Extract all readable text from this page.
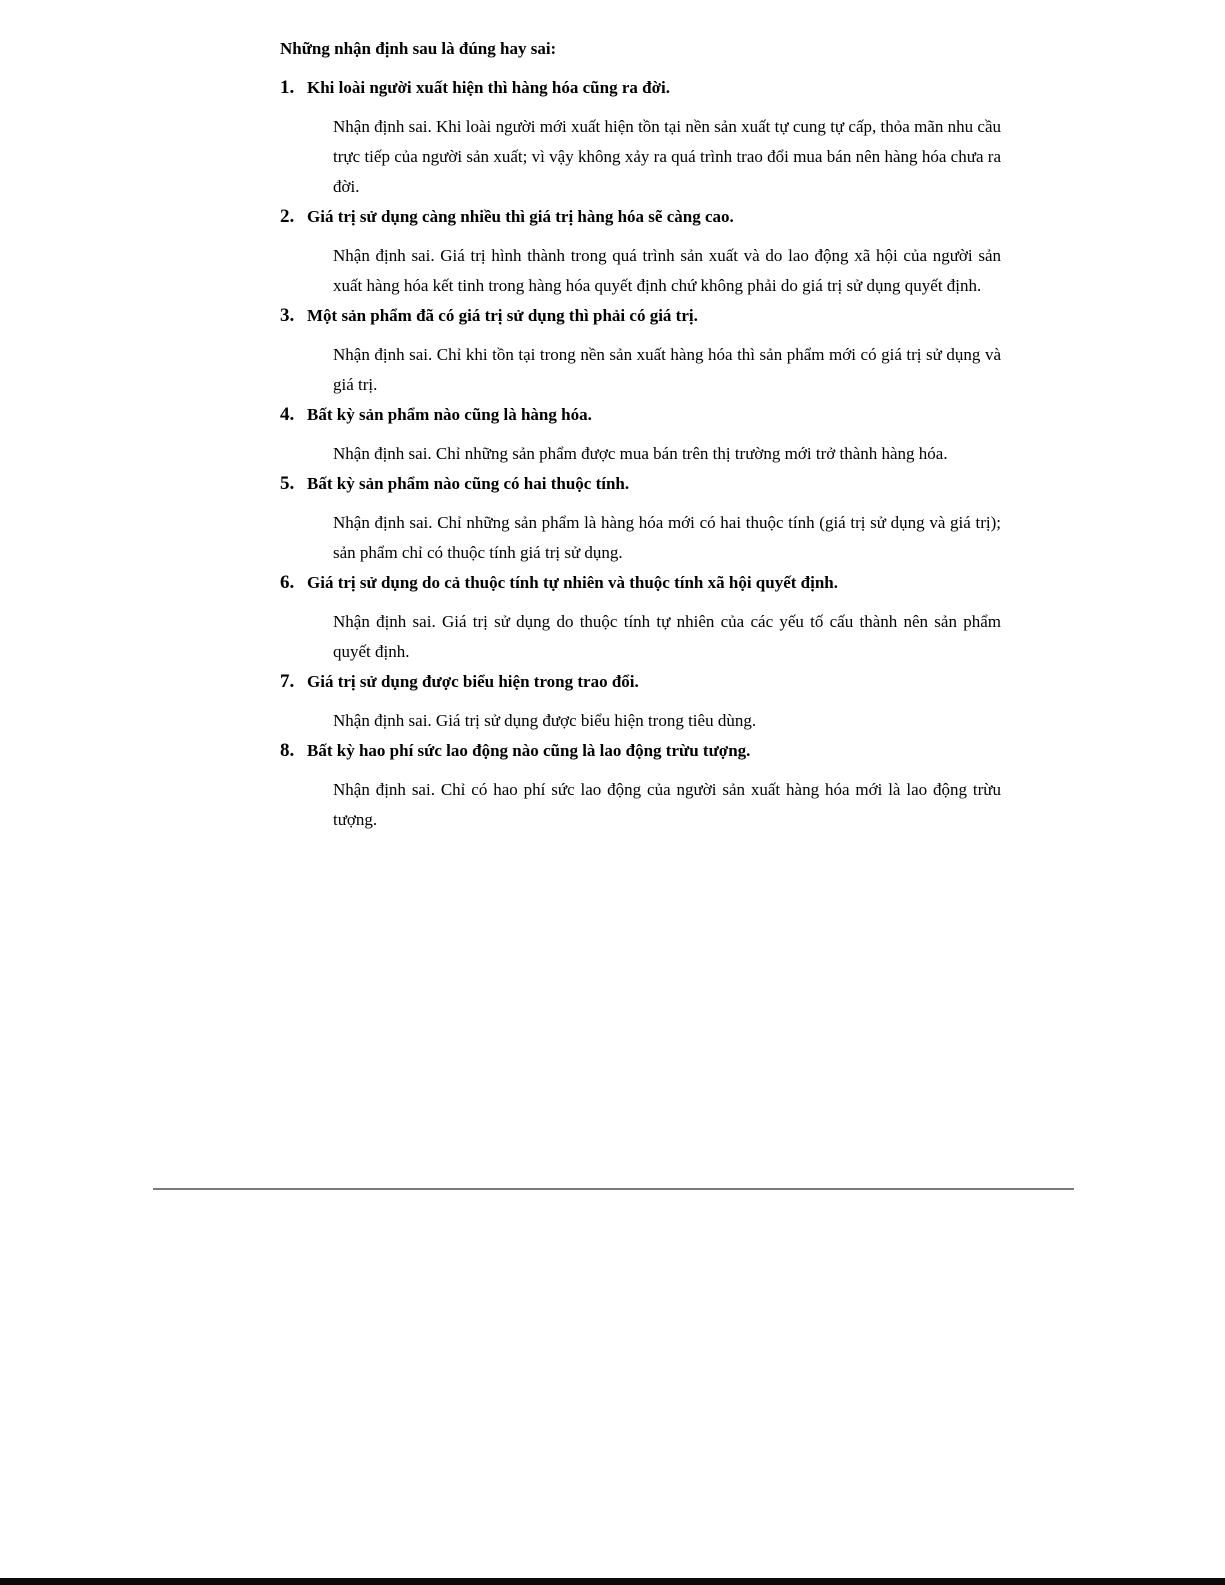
Những nhận định sau là đúng hay sai:

1. Khi loài người xuất hiện thì hàng hóa cũng ra đời.

Nhận định sai. Khi loài người mới xuất hiện tồn tại nền sản xuất tự cung tự cấp, thỏa mãn nhu cầu trực tiếp của người sản xuất; vì vậy không xảy ra quá trình trao đổi mua bán nên hàng hóa chưa ra đời.

2. Giá trị sử dụng càng nhiều thì giá trị hàng hóa sẽ càng cao.

Nhận định sai. Giá trị hình thành trong quá trình sản xuất và do lao động xã hội của người sản xuất hàng hóa kết tinh trong hàng hóa quyết định chứ không phải do giá trị sử dụng quyết định.

3. Một sản phẩm đã có giá trị sử dụng thì phải có giá trị.

Nhận định sai. Chỉ khi tồn tại trong nền sản xuất hàng hóa thì sản phẩm mới có giá trị sử dụng và giá trị.

4. Bất kỳ sản phẩm nào cũng là hàng hóa.

Nhận định sai. Chỉ những sản phẩm được mua bán trên thị trường mới trở thành hàng hóa.

5. Bất kỳ sản phẩm nào cũng có hai thuộc tính.

Nhận định sai. Chỉ những sản phẩm là hàng hóa mới có hai thuộc tính (giá trị sử dụng và giá trị); sản phẩm chỉ có thuộc tính giá trị sử dụng.

6. Giá trị sử dụng do cả thuộc tính tự nhiên và thuộc tính xã hội quyết định.

Nhận định sai. Giá trị sử dụng do thuộc tính tự nhiên của các yếu tố cấu thành nên sản phẩm quyết định.

7. Giá trị sử dụng được biểu hiện trong trao đổi.

Nhận định sai. Giá trị sử dụng được biểu hiện trong tiêu dùng.

8. Bất kỳ hao phí sức lao động nào cũng là lao động trừu tượng.

Nhận định sai. Chỉ có hao phí sức lao động của người sản xuất hàng hóa mới là lao động trừu tượng.
